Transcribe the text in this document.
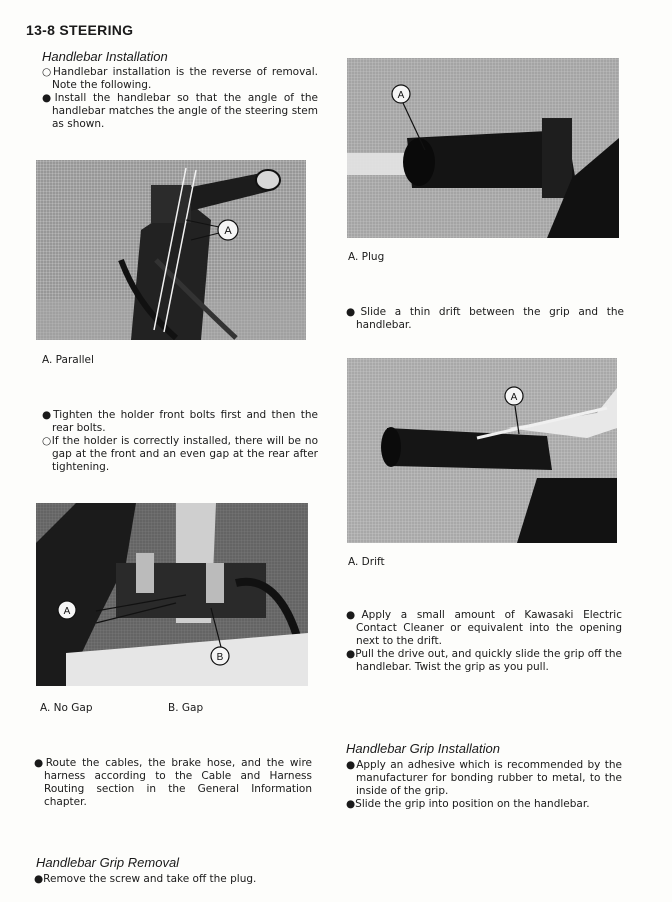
13-8 STEERING
Handlebar Installation

○Handlebar installation is the reverse of removal. Note the following.

●Install the handlebar so that the angle of the handlebar matches the angle of the steering stem as shown.

A
A. Parallel

●Tighten the holder front bolts first and then the rear bolts.

○If the holder is correctly installed, there will be no gap at the front and an even gap at the rear after tightening.

A
B
A. No Gap	B. Gap

●Route the cables, the brake hose, and the wire harness according to the Cable and Harness Routing section in the General Information chapter.

Handlebar Grip Removal

●Remove the screw and take off the plug.

A
A. Plug

●Slide a thin drift between the grip and the handlebar.

A
A. Drift

●Apply a small amount of Kawasaki Electric Contact Cleaner or equivalent into the opening next to the drift.

●Pull the drive out, and quickly slide the grip off the handlebar. Twist the grip as you pull.

Handlebar Grip Installation

●Apply an adhesive which is recommended by the manufacturer for bonding rubber to metal, to the inside of the grip.

●Slide the grip into position on the handlebar.
